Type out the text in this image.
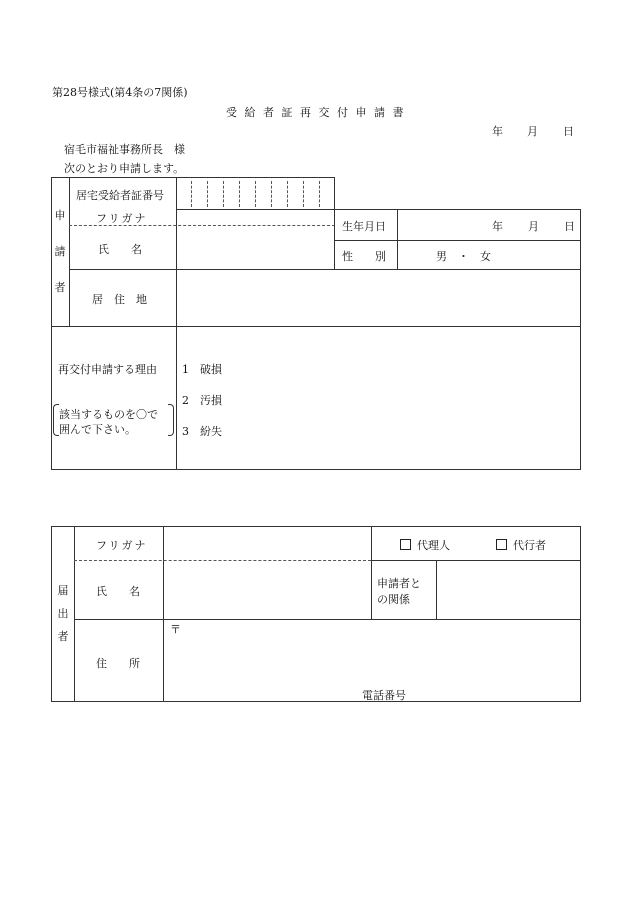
第28号様式(第4条の7関係)
受 給 者 証 再 交 付 申 請 書
年 月 日
宿毛市福祉事務所長　様
次のとおり申請します。
申
請
者
居宅受給者証番号
フリガナ
氏　　名
居　住　地
生年月日	年 月 日
性　　別	男　・　女
再交付申請する理由
該当するものを〇で
囲んで下さい。
1　破損
2　汚損
3　紛失
届
出
者
フリガナ
氏　　名
住　　所
代理人	代行者
申請者と
の関係
〒
電話番号
